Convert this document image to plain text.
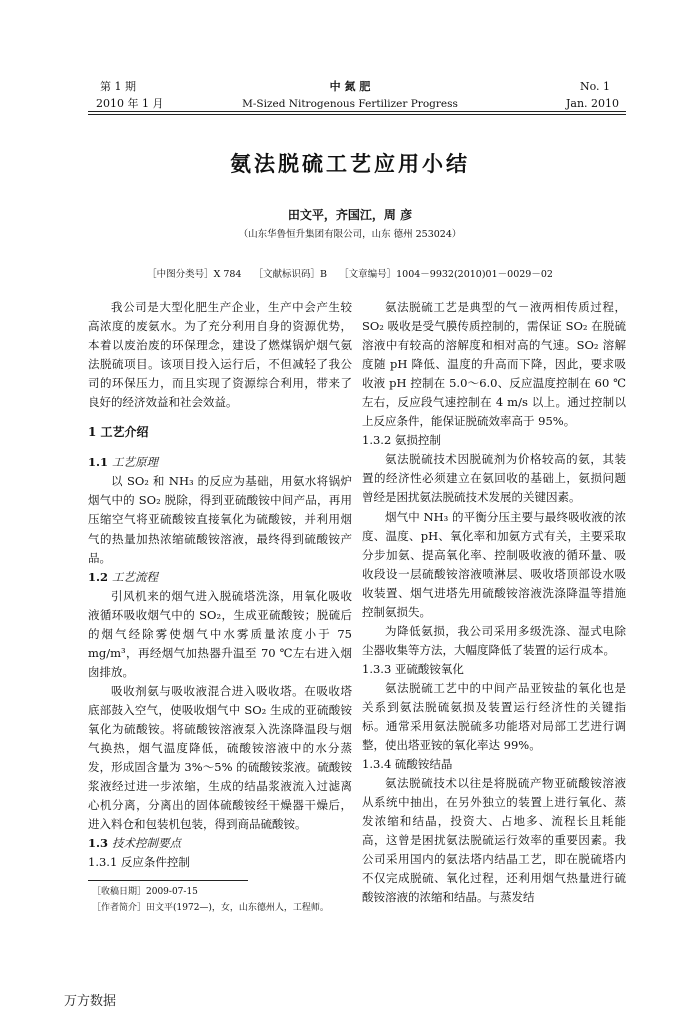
第 1 期
2010 年 1 月
中 氮 肥
M-Sized Nitrogenous Fertilizer Progress
No. 1
Jan. 2010
氨法脱硫工艺应用小结
田文平，齐国江，周 彦
（山东华鲁恒升集团有限公司，山东 德州 253024）
［中图分类号］X 784    ［文献标识码］B    ［文章编号］1004－9932(2010)01－0029－02

我公司是大型化肥生产企业，生产中会产生较高浓度的废氨水。为了充分利用自身的资源优势，本着以废治废的环保理念，建设了燃煤锅炉烟气氨法脱硫项目。该项目投入运行后，不但减轻了我公司的环保压力，而且实现了资源综合利用，带来了良好的经济效益和社会效益。

1 工艺介绍
1.1 工艺原理

以 SO₂ 和 NH₃ 的反应为基础，用氨水将锅炉烟气中的 SO₂ 脱除，得到亚硫酸铵中间产品，再用压缩空气将亚硫酸铵直接氧化为硫酸铵，并利用烟气的热量加热浓缩硫酸铵溶液，最终得到硫酸铵产品。

1.2 工艺流程

引风机来的烟气进入脱硫塔洗涤，用氧化吸收液循环吸收烟气中的 SO₂，生成亚硫酸铵；脱硫后的烟气经除雾使烟气中水雾质量浓度小于 75 mg/m³，再经烟气加热器升温至 70 ℃左右进入烟囱排放。

吸收剂氨与吸收液混合进入吸收塔。在吸收塔底部鼓入空气，使吸收烟气中 SO₂ 生成的亚硫酸铵氧化为硫酸铵。将硫酸铵溶液泵入洗涤降温段与烟气换热，烟气温度降低，硫酸铵溶液中的水分蒸发，形成固含量为 3%～5% 的硫酸铵浆液。硫酸铵浆液经过进一步浓缩，生成的结晶浆液流入过滤离心机分离，分离出的固体硫酸铵经干燥器干燥后，进入料仓和包装机包装，得到商品硫酸铵。

1.3 技术控制要点
1.3.1 反应条件控制

氨法脱硫工艺是典型的气－液两相传质过程，SO₂ 吸收是受气膜传质控制的，需保证 SO₂ 在脱硫溶液中有较高的溶解度和相对高的气速。SO₂ 溶解度随 pH 降低、温度的升高而下降，因此，要求吸收液 pH 控制在 5.0～6.0、反应温度控制在 60 ℃左右，反应段气速控制在 4 m/s 以上。通过控制以上反应条件，能保证脱硫效率高于 95%。

1.3.2 氨损控制

氨法脱硫技术因脱硫剂为价格较高的氨，其装置的经济性必须建立在氨回收的基础上，氨损问题曾经是困扰氨法脱硫技术发展的关键因素。

烟气中 NH₃ 的平衡分压主要与最终吸收液的浓度、温度、pH、氧化率和加氨方式有关，主要采取分步加氨、提高氧化率、控制吸收液的循环量、吸收段设一层硫酸铵溶液喷淋层、吸收塔顶部设水吸收装置、烟气进塔先用硫酸铵溶液洗涤降温等措施控制氨损失。

为降低氨损，我公司采用多级洗涤、湿式电除尘器收集等方法，大幅度降低了装置的运行成本。

1.3.3 亚硫酸铵氧化

氨法脱硫工艺中的中间产品亚铵盐的氧化也是关系到氨法脱硫氨损及装置运行经济性的关键指标。通常采用氨法脱硫多功能塔对局部工艺进行调整，使出塔亚铵的氧化率达 99%。

1.3.4 硫酸铵结晶

氨法脱硫技术以往是将脱硫产物亚硫酸铵溶液从系统中抽出，在另外独立的装置上进行氧化、蒸发浓缩和结晶，投资大、占地多、流程长且耗能高，这曾是困扰氨法脱硫运行效率的重要因素。我公司采用国内的氨法塔内结晶工艺，即在脱硫塔内不仅完成脱硫、氧化过程，还利用烟气热量进行硫酸铵溶液的浓缩和结晶。与蒸发结

［收稿日期］2009-07-15
［作者简介］田文平(1972—)，女，山东德州人，工程师。
万方数据
